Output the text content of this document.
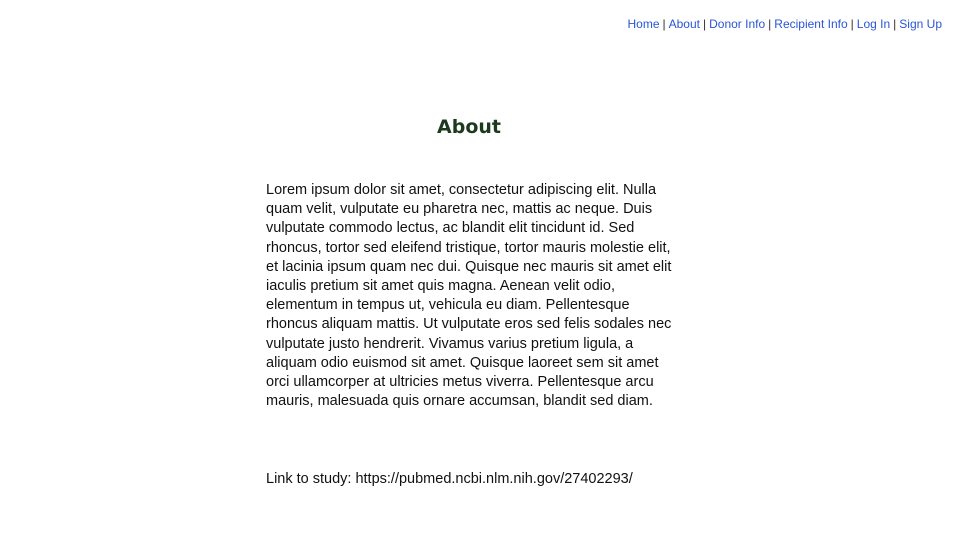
Home | About | Donor Info | Recipient Info | Log In | Sign Up
About

Lorem ipsum dolor sit amet, consectetur adipiscing elit. Nulla quam velit, vulputate eu pharetra nec, mattis ac neque. Duis vulputate commodo lectus, ac blandit elit tincidunt id. Sed rhoncus, tortor sed eleifend tristique, tortor mauris molestie elit, et lacinia ipsum quam nec dui. Quisque nec mauris sit amet elit iaculis pretium sit amet quis magna. Aenean velit odio, elementum in tempus ut, vehicula eu diam. Pellentesque rhoncus aliquam mattis. Ut vulputate eros sed felis sodales nec vulputate justo hendrerit. Vivamus varius pretium ligula, a aliquam odio euismod sit amet. Quisque laoreet sem sit amet orci ullamcorper at ultricies metus viverra. Pellentesque arcu mauris, malesuada quis ornare accumsan, blandit sed diam.

Link to study: https://pubmed.ncbi.nlm.nih.gov/27402293/
